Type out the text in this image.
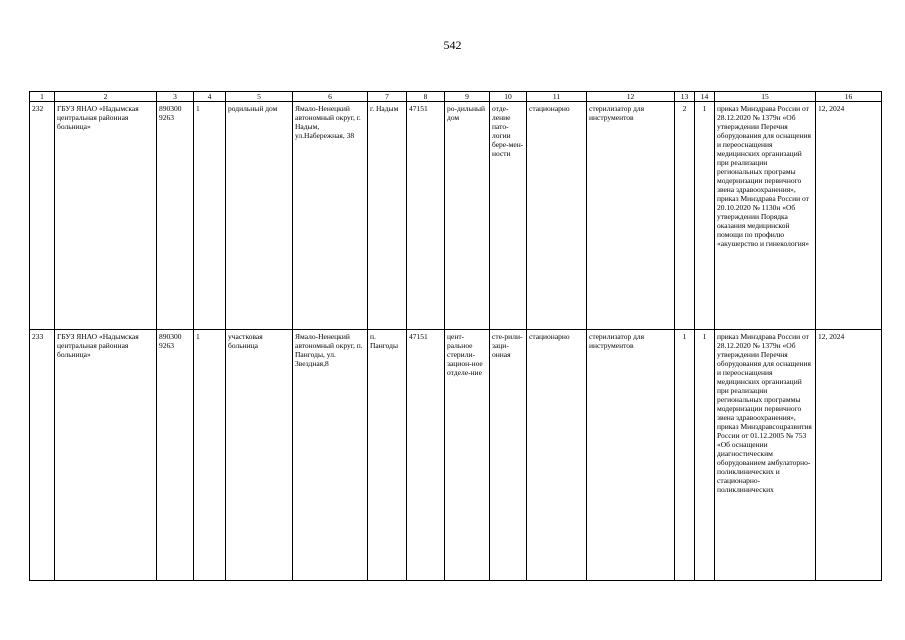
542
1	2	3	4	5	6	7	8	9	10	11	12	13	14	15	16
232	ГБУЗ ЯНАО «Надымская центральная районная больница»	890300 9263	1	родильный дом	Ямало-Ненецкий автономный округ, г. Надым, ул.Набережная, 38	г. Надым	47151	ро-дильный дом	отде-ление пато-логии бере-мен-ности	стационарно	стерилизатор для инструментов	2	1	приказ Минздрава России от 28.12.2020 № 1379н «Об утверждении Перечня оборудования для оснащения и переоснащения медицинских организаций при реализации региональных програмы модернизации первичного звена здравоохранения», приказ Минздрава России от 20.10.2020 № 1130н «Об утверждении Порядка оказания медицинской помощи по профилю «акушерство и гинекология»	12, 2024
233	ГБУЗ ЯНАО «Надымская центральная районная больница»	890300 9263	1	участковая больница	Ямало-Ненецкий автономный округ, п. Пангоды, ул. Звездная,8	п. Пангоды	47151	цент-ральное стерили-зацион-ное отделе-ние	сте-рили-заци-онная	стационарно	стерилизатор для инструментов	1	1	приказ Минздрава России от 28.12.2020 № 1379н «Об утверждении Перечня оборудования для оснащения и переоснащения медицинских организаций при реализации региональных программы модернизации первичного звена здравоохранения», приказ Минздравсоцразвития России от 01.12.2005 № 753 «Об оснащении диагностическим оборудованием амбулаторно-поликлинических и стационарно-поликлинических	12, 2024
